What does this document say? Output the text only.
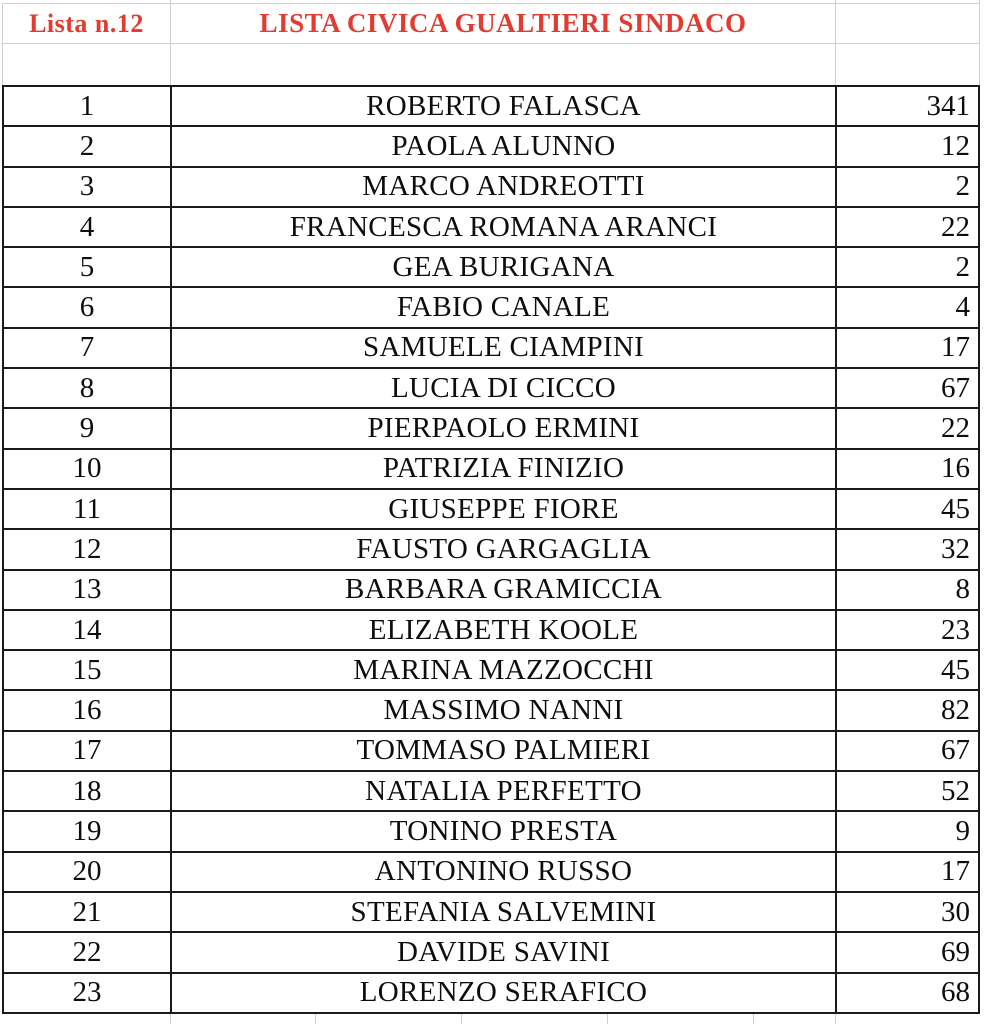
Lista n.12	LISTA CIVICA GUALTIERI SINDACO
1	ROBERTO FALASCA	341
2	PAOLA ALUNNO	12
3	MARCO ANDREOTTI	2
4	FRANCESCA ROMANA ARANCI	22
5	GEA BURIGANA	2
6	FABIO CANALE	4
7	SAMUELE CIAMPINI	17
8	LUCIA DI CICCO	67
9	PIERPAOLO ERMINI	22
10	PATRIZIA FINIZIO	16
11	GIUSEPPE FIORE	45
12	FAUSTO GARGAGLIA	32
13	BARBARA GRAMICCIA	8
14	ELIZABETH KOOLE	23
15	MARINA MAZZOCCHI	45
16	MASSIMO NANNI	82
17	TOMMASO PALMIERI	67
18	NATALIA PERFETTO	52
19	TONINO PRESTA	9
20	ANTONINO RUSSO	17
21	STEFANIA SALVEMINI	30
22	DAVIDE SAVINI	69
23	LORENZO SERAFICO	68
